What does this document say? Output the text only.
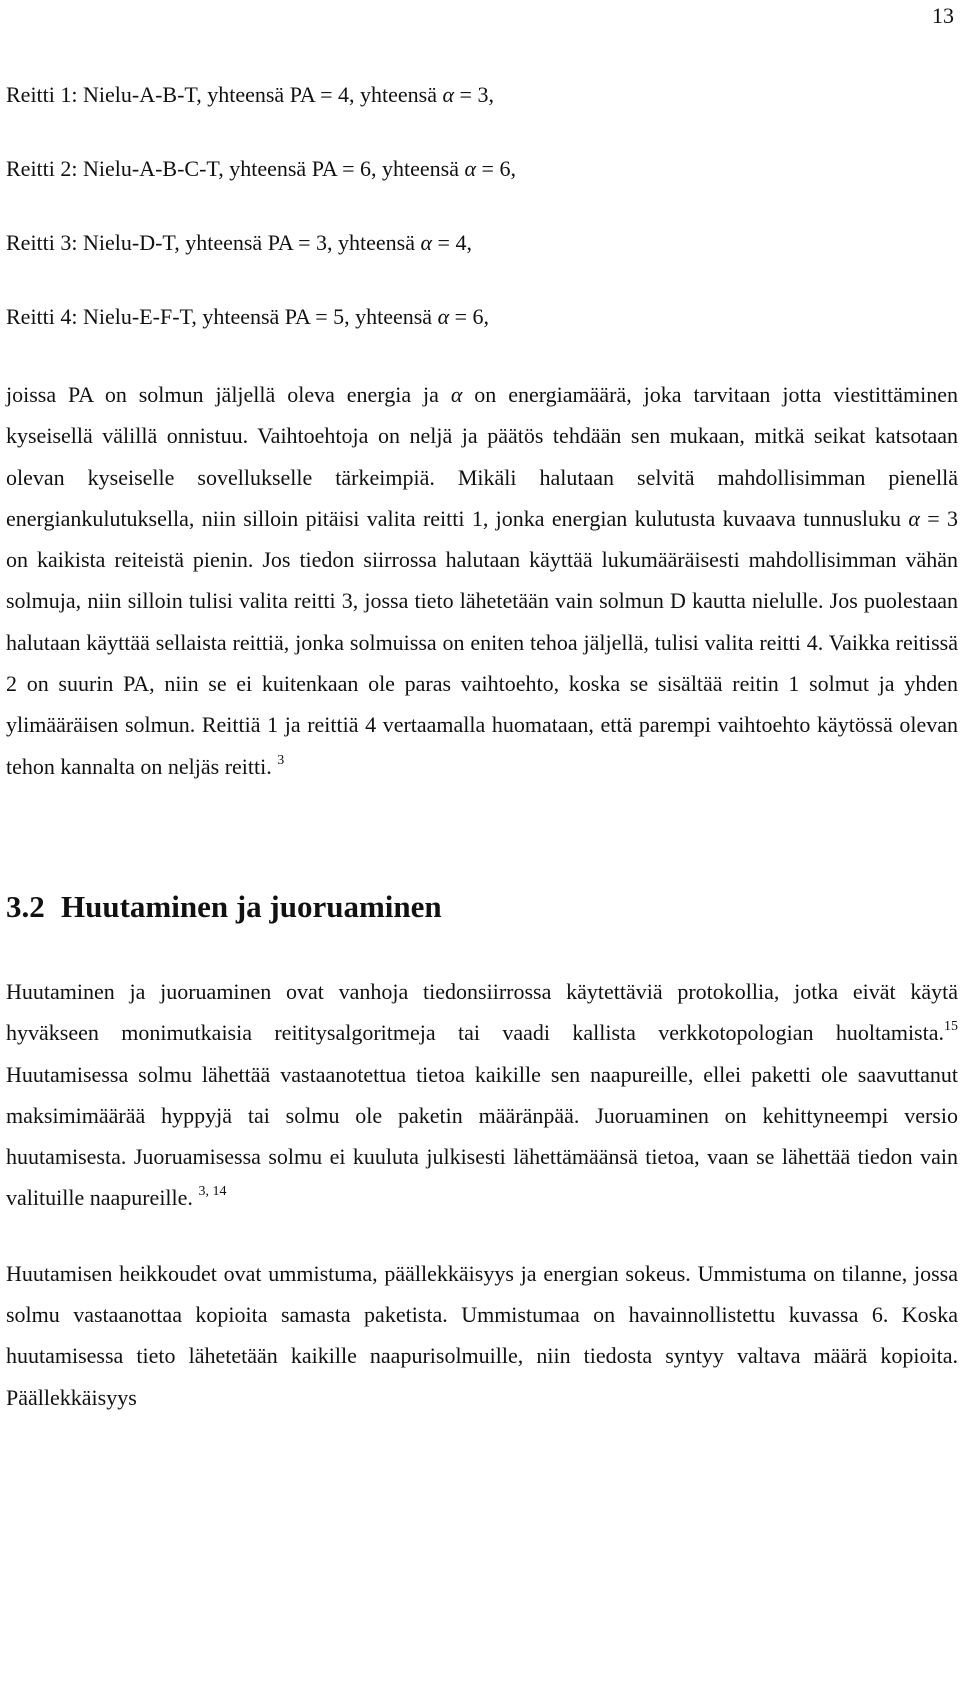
13

Reitti 1: Nielu-A-B-T, yhteensä PA = 4, yhteensä α = 3,

Reitti 2: Nielu-A-B-C-T, yhteensä PA = 6, yhteensä α = 6,

Reitti 3: Nielu-D-T, yhteensä PA = 3, yhteensä α = 4,

Reitti 4: Nielu-E-F-T, yhteensä PA = 5, yhteensä α = 6,

joissa PA on solmun jäljellä oleva energia ja α on energiamäärä, joka tarvitaan jotta viestittäminen kyseisellä välillä onnistuu. Vaihtoehtoja on neljä ja päätös tehdään sen mukaan, mitkä seikat katsotaan olevan kyseiselle sovellukselle tärkeimpiä. Mikäli halutaan selvitä mahdollisimman pienellä energiankulutuksella, niin silloin pitäisi valita reitti 1, jonka energian kulutusta kuvaava tunnusluku α = 3 on kaikista reiteistä pienin. Jos tiedon siirrossa halutaan käyttää lukumääräisesti mahdollisimman vähän solmuja, niin silloin tulisi valita reitti 3, jossa tieto lähetetään vain solmun D kautta nielulle. Jos puolestaan halutaan käyttää sellaista reittiä, jonka solmuissa on eniten tehoa jäljellä, tulisi valita reitti 4. Vaikka reitissä 2 on suurin PA, niin se ei kuitenkaan ole paras vaihtoehto, koska se sisältää reitin 1 solmut ja yhden ylimääräisen solmun. Reittiä 1 ja reittiä 4 vertaamalla huomataan, että parempi vaihtoehto käytössä olevan tehon kannalta on neljäs reitti. $^3$

3.2 Huutaminen ja juoruaminen

Huutaminen ja juoruaminen ovat vanhoja tiedonsiirrossa käytettäviä protokollia, jotka eivät käytä hyväkseen monimutkaisia reititysalgoritmeja tai vaadi kallista verkkotopologian huoltamista.$^{15}$ Huutamisessa solmu lähettää vastaanotettua tietoa kaikille sen naapureille, ellei paketti ole saavuttanut maksimimäärää hyppyjä tai solmu ole paketin määränpää. Juoruaminen on kehittyneempi versio huutamisesta. Juoruamisessa solmu ei kuuluta julkisesti lähettämäänsä tietoa, vaan se lähettää tiedon vain valituille naapureille. $^{3, 14}$

Huutamisen heikkoudet ovat ummistuma, päällekkäisyys ja energian sokeus. Ummistuma on tilanne, jossa solmu vastaanottaa kopioita samasta paketista. Ummistumaa on havainnollistettu kuvassa 6. Koska huutamisessa tieto lähetetään kaikille naapurisolmuille, niin tiedosta syntyy valtava määrä kopioita. Päällekkäisyys
